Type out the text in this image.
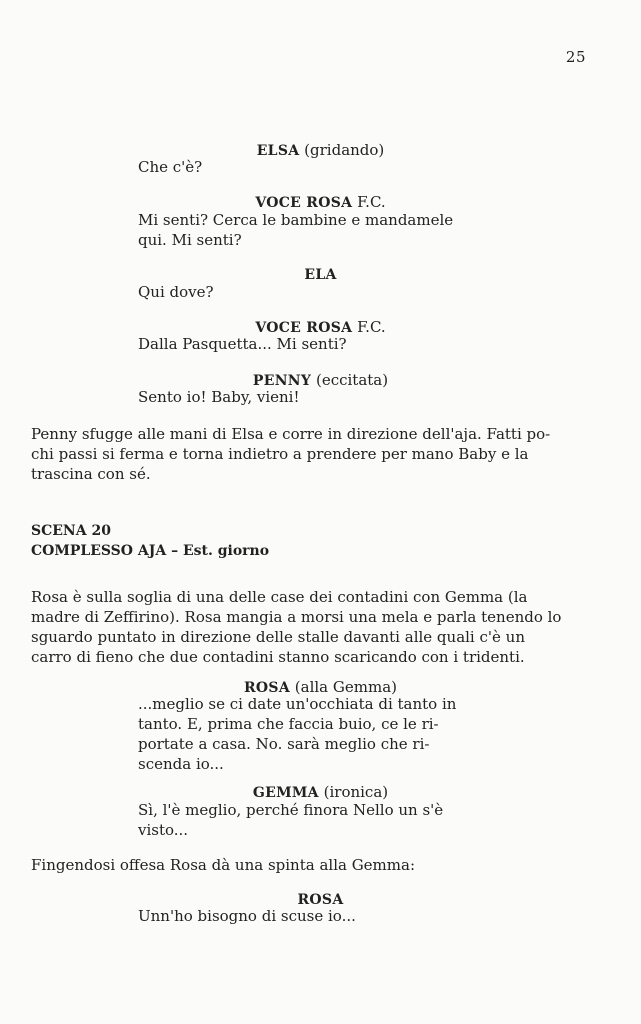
25
ELSA (gridando)
Che c'è?
VOCE ROSA F.C.
Mi senti? Cerca le bambine e mandamele
qui. Mi senti?
ELA
Qui dove?
VOCE ROSA F.C.
Dalla Pasquetta... Mi senti?
PENNY (eccitata)
Sento io! Baby, vieni!
Penny sfugge alle mani di Elsa e corre in direzione dell'aja. Fatti po-
chi passi si ferma e torna indietro a prendere per mano Baby e la
trascina con sé.
SCENA 20
COMPLESSO AJA – Est. giorno
Rosa è sulla soglia di una delle case dei contadini con Gemma (la
madre di Zeffirino). Rosa mangia a morsi una mela e parla tenendo lo
sguardo puntato in direzione delle stalle davanti alle quali c'è un
carro di fieno che due contadini stanno scaricando con i tridenti.
ROSA (alla Gemma)
...meglio se ci date un'occhiata di tanto in
tanto. E, prima che faccia buio, ce le ri-
portate a casa. No. sarà meglio che ri-
scenda io...
GEMMA (ironica)
Sì, l'è meglio, perché finora Nello un s'è
visto...
Fingendosi offesa Rosa dà una spinta alla Gemma:
ROSA
Unn'ho bisogno di scuse io...
